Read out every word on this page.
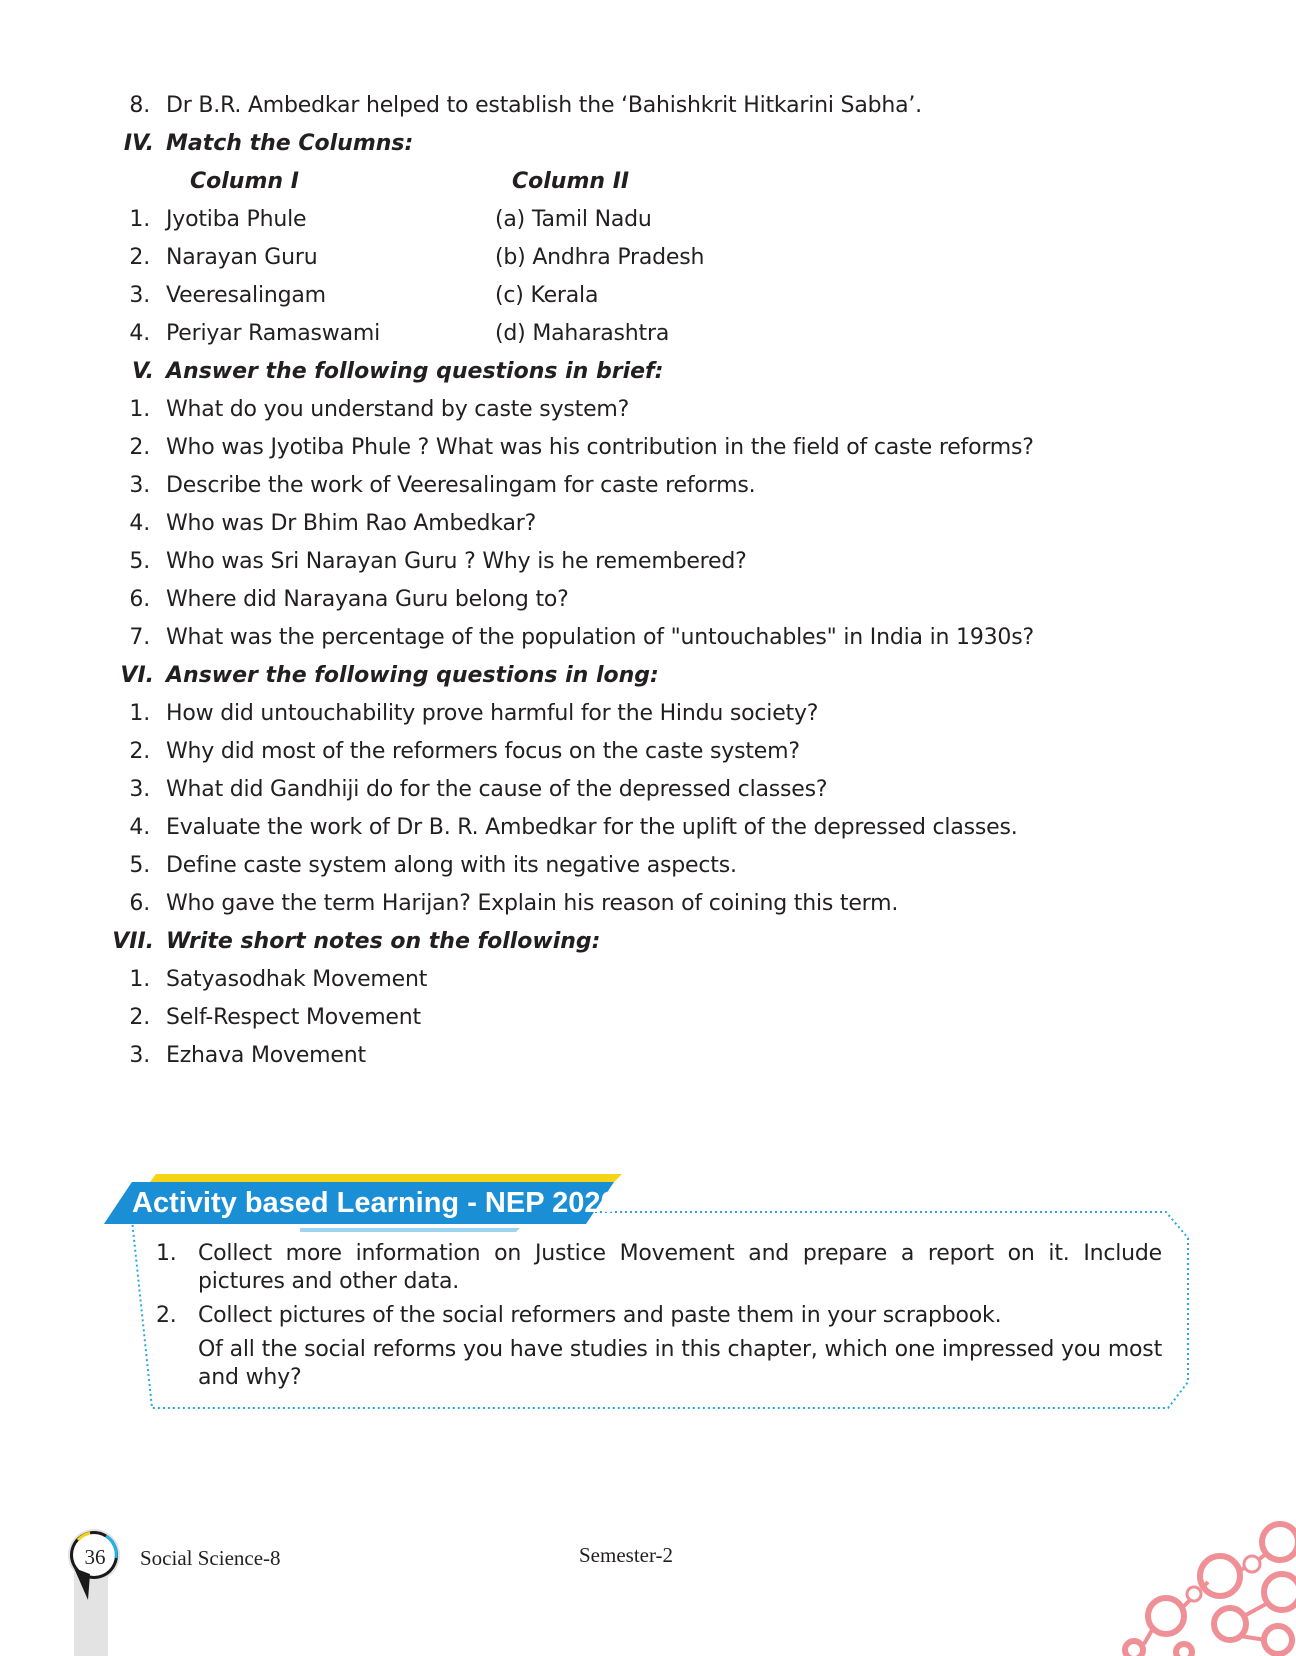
8. Dr B.R. Ambedkar helped to establish the ‘Bahishkrit Hitkarini Sabha’.
IV. Match the Columns:
Column I	Column II
1. Jyotiba Phule	(a) Tamil Nadu
2. Narayan Guru	(b) Andhra Pradesh
3. Veeresalingam	(c) Kerala
4. Periyar Ramaswami	(d) Maharashtra
V. Answer the following questions in brief:
1. What do you understand by caste system?
2. Who was Jyotiba Phule ? What was his contribution in the field of caste reforms?
3. Describe the work of Veeresalingam for caste reforms.
4. Who was Dr Bhim Rao Ambedkar?
5. Who was Sri Narayan Guru ? Why is he remembered?
6. Where did Narayana Guru belong to?
7. What was the percentage of the population of "untouchables" in India in 1930s?
VI. Answer the following questions in long:
1. How did untouchability prove harmful for the Hindu society?
2. Why did most of the reformers focus on the caste system?
3. What did Gandhiji do for the cause of the depressed classes?
4. Evaluate the work of Dr B. R. Ambedkar for the uplift of the depressed classes.
5. Define caste system along with its negative aspects.
6. Who gave the term Harijan? Explain his reason of coining this term.
VII. Write short notes on the following:
1. Satyasodhak Movement
2. Self-Respect Movement
3. Ezhava Movement
Activity based Learning - NEP 2020
1. Collect more information on Justice Movement and prepare a report on it. Include pictures and other data.
2. Collect pictures of the social reformers and paste them in your scrapbook.
Of all the social reforms you have studies in this chapter, which one impressed you most and why?
36	Social Science-8	Semester-2
